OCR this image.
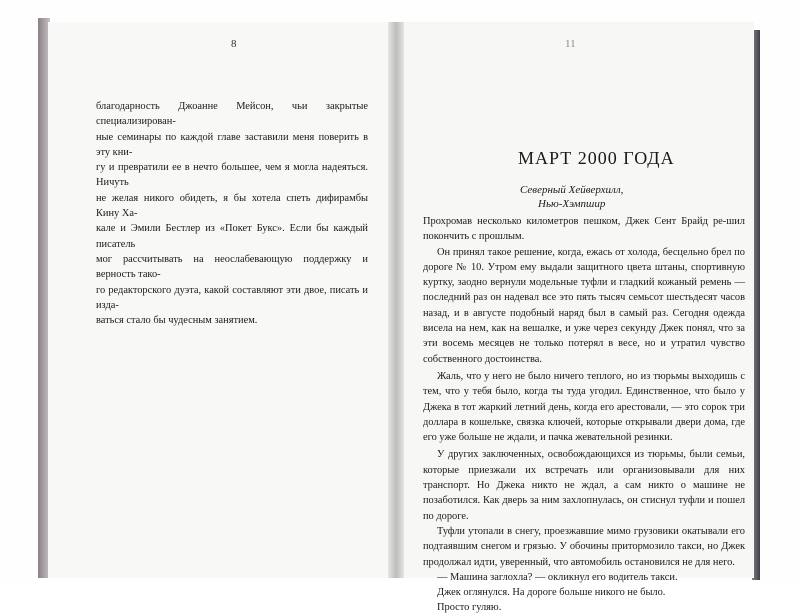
8	11

благодарность Джоанне Мейсон, чьи закрытые специализирован-

ные семинары по каждой главе заставили меня поверить в эту кни-

гу и превратили ее в нечто большее, чем я могла надеяться. Ничуть

не желая никого обидеть, я бы хотела спеть дифирамбы Кину Ха-

кале и Эмили Бестлер из «Покет Букс». Если бы каждый писатель

мог рассчитывать на неослабевающую поддержку и верность тако-

го редакторского дуэта, какой составляют эти двое, писать и изда-

ваться стало бы чудесным занятием.

МАРТ 2000 ГОДА
Северный Хейверхилл,
Нью-Хэмпшир

Прохромав несколько километров пешком, Джек Сент Брайд ре-шил покончить с прошлым.

Он принял такое решение, когда, ежась от холода, бесцельно брел по дороге № 10. Утром ему выдали защитного цвета штаны, спортивную куртку, заодно вернули модельные туфли и гладкий кожаный ремень — последний раз он надевал все это пять тысяч семьсот шестьдесят часов назад, и в августе подобный наряд был в самый раз. Сегодня одежда висела на нем, как на вешалке, и уже через секунду Джек понял, что за эти восемь месяцев не только потерял в весе, но и утратил чувство собственного достоинства.

Жаль, что у него не было ничего теплого, но из тюрьмы выходишь с тем, что у тебя было, когда ты туда угодил. Единственное, что было у Джека в тот жаркий летний день, когда его арестовали, — это сорок три доллара в кошельке, связка ключей, которые открывали двери дома, где его уже больше не ждали, и пачка жевательной резинки.

У других заключенных, освобождающихся из тюрьмы, были семьи, которые приезжали их встречать или организовывали для них транспорт. Но Джека никто не ждал, а сам никто о машине не позаботился. Как дверь за ним захлопнулась, он стиснул туфли и пошел по дороге.

Туфли утопали в снегу, проезжавшие мимо грузовики окатывали его подтаявшим снегом и грязью. У обочины притормозило такси, но Джек продолжал идти, уверенный, что автомобиль остановился не для него.

— Машина заглохла? — окликнул его водитель такси.

Джек оглянулся. На дороге больше никого не было.

Просто гуляю.
